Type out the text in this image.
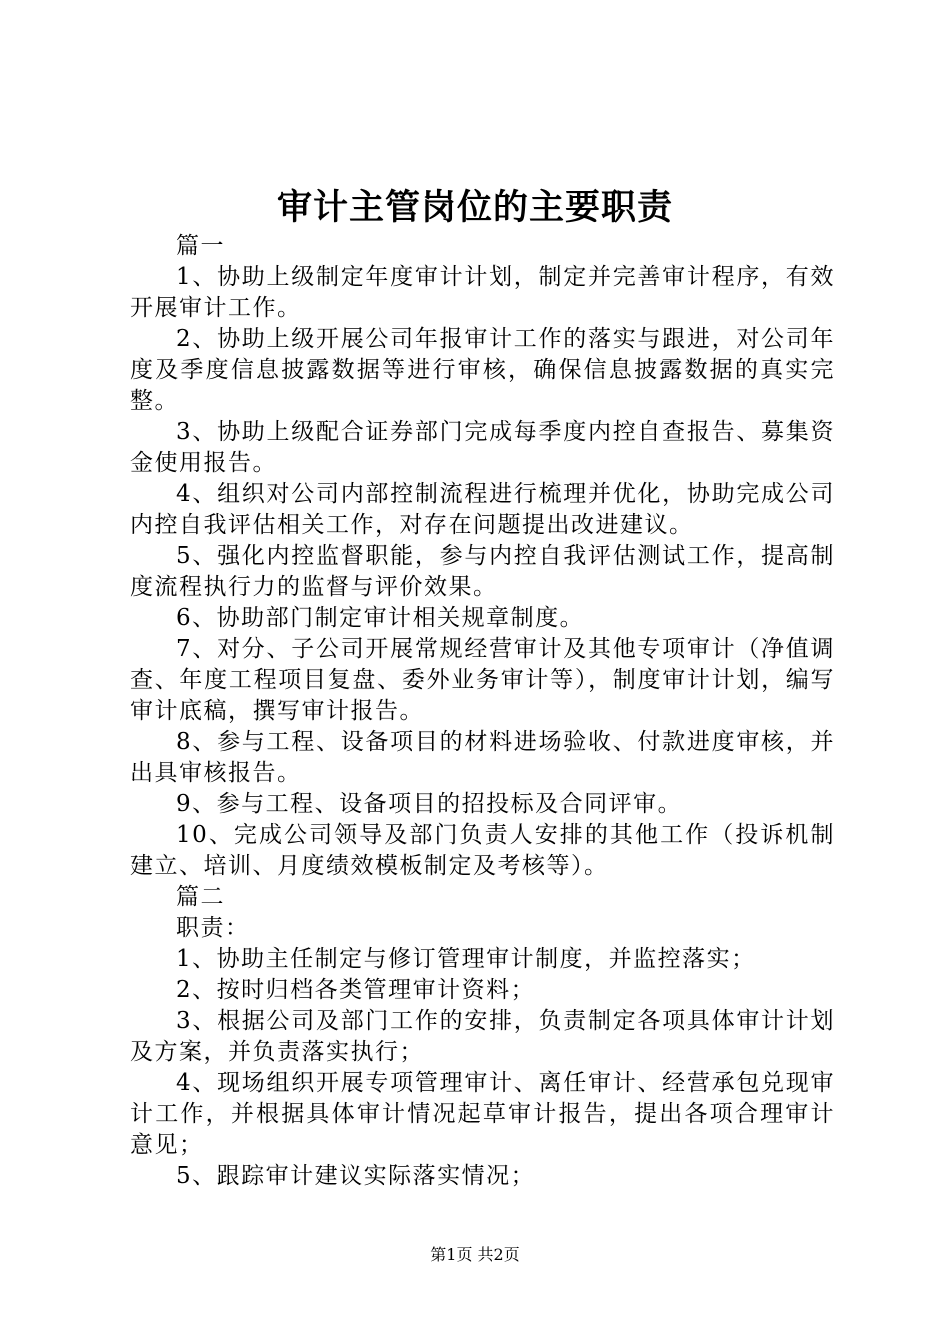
审计主管岗位的主要职责

篇一

1、协助上级制定年度审计计划，制定并完善审计程序，有效开展审计工作。

2、协助上级开展公司年报审计工作的落实与跟进，对公司年度及季度信息披露数据等进行审核，确保信息披露数据的真实完整。

3、协助上级配合证券部门完成每季度内控自查报告、募集资金使用报告。

4、组织对公司内部控制流程进行梳理并优化，协助完成公司内控自我评估相关工作，对存在问题提出改进建议。

5、强化内控监督职能，参与内控自我评估测试工作，提高制度流程执行力的监督与评价效果。

6、协助部门制定审计相关规章制度。

7、对分、子公司开展常规经营审计及其他专项审计（净值调查、年度工程项目复盘、委外业务审计等），制度审计计划，编写审计底稿，撰写审计报告。

8、参与工程、设备项目的材料进场验收、付款进度审核，并出具审核报告。

9、参与工程、设备项目的招投标及合同评审。

10、完成公司领导及部门负责人安排的其他工作（投诉机制建立、培训、月度绩效模板制定及考核等）。

篇二

职责：

1、协助主任制定与修订管理审计制度，并监控落实；

2、按时归档各类管理审计资料；

3、根据公司及部门工作的安排，负责制定各项具体审计计划及方案，并负责落实执行；

4、现场组织开展专项管理审计、离任审计、经营承包兑现审计工作，并根据具体审计情况起草审计报告，提出各项合理审计意见；

5、跟踪审计建议实际落实情况；

第1页 共2页
